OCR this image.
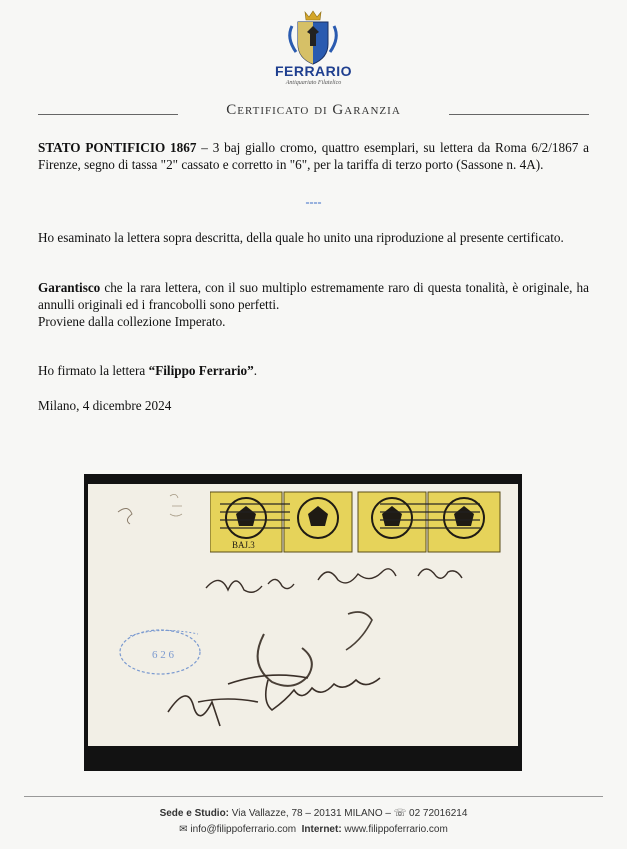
FERRARIO
Antiquariato Filatelico
Certificato di Garanzia
STATO PONTIFICIO 1867 – 3 baj giallo cromo, quattro esemplari, su lettera da Roma 6/2/1867 a Firenze, segno di tassa "2" cassato e corretto in "6", per la tariffa di terzo porto (Sassone n. 4A).
----
Ho esaminato la lettera sopra descritta, della quale ho unito una riproduzione al presente certificato.
Garantisco che la rara lettera, con il suo multiplo estremamente raro di questa tonalità, è originale, ha annulli originali ed i francobolli sono perfetti.
Proviene dalla collezione Imperato.
Ho firmato la lettera “Filippo Ferrario”.
Milano, 4 dicembre 2024
6 2 6
BAJ.3
Sede e Studio: Via Vallazze, 78 – 20131 MILANO – ☏ 02 72016214
✉ info@filippoferrario.com Internet: www.filippoferrario.com
